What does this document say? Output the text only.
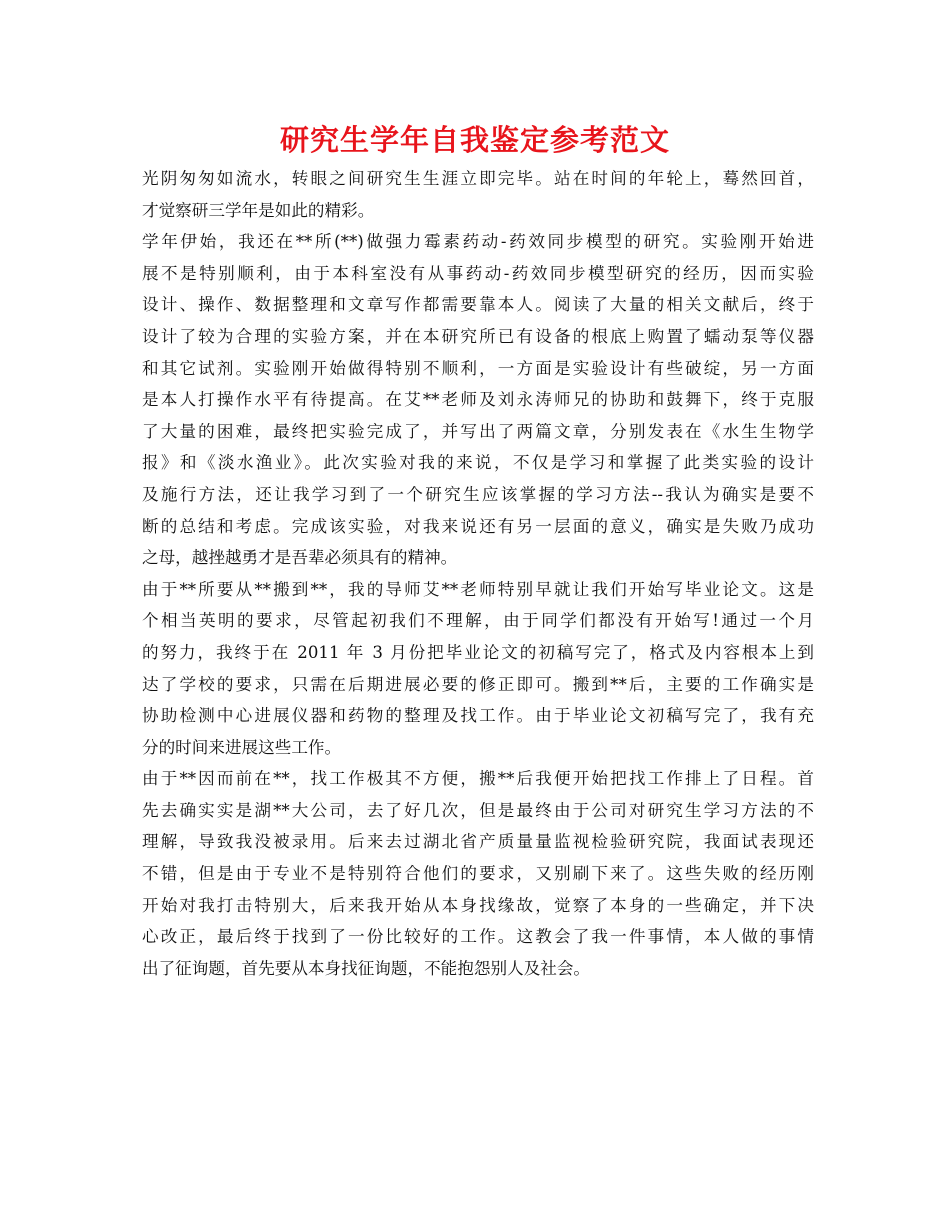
研究生学年自我鉴定参考范文
光阴匆匆如流水，转眼之间研究生生涯立即完毕。站在时间的年轮上，蓦然回首，
才觉察研三学年是如此的精彩。
学年伊始，我还在**所(**)做强力霉素药动-药效同步模型的研究。实验刚开始进
展不是特别顺利，由于本科室没有从事药动-药效同步模型研究的经历，因而实验
设计、操作、数据整理和文章写作都需要靠本人。阅读了大量的相关文献后，终于
设计了较为合理的实验方案，并在本研究所已有设备的根底上购置了蠕动泵等仪器
和其它试剂。实验刚开始做得特别不顺利，一方面是实验设计有些破绽，另一方面
是本人打操作水平有待提高。在艾**老师及刘永涛师兄的协助和鼓舞下，终于克服
了大量的困难，最终把实验完成了，并写出了两篇文章，分别发表在《水生生物学
报》和《淡水渔业》。此次实验对我的来说，不仅是学习和掌握了此类实验的设计
及施行方法，还让我学习到了一个研究生应该掌握的学习方法--我认为确实是要不
断的总结和考虑。完成该实验，对我来说还有另一层面的意义，确实是失败乃成功
之母，越挫越勇才是吾辈必须具有的精神。
由于**所要从**搬到**，我的导师艾**老师特别早就让我们开始写毕业论文。这是
个相当英明的要求，尽管起初我们不理解，由于同学们都没有开始写!通过一个月
的努力，我终于在 2011 年 3 月份把毕业论文的初稿写完了，格式及内容根本上到
达了学校的要求，只需在后期进展必要的修正即可。搬到**后，主要的工作确实是
协助检测中心进展仪器和药物的整理及找工作。由于毕业论文初稿写完了，我有充
分的时间来进展这些工作。
由于**因而前在**，找工作极其不方便，搬**后我便开始把找工作排上了日程。首
先去确实实是湖**大公司，去了好几次，但是最终由于公司对研究生学习方法的不
理解，导致我没被录用。后来去过湖北省产质量量监视检验研究院，我面试表现还
不错，但是由于专业不是特别符合他们的要求，又别刷下来了。这些失败的经历刚
开始对我打击特别大，后来我开始从本身找缘故，觉察了本身的一些确定，并下决
心改正，最后终于找到了一份比较好的工作。这教会了我一件事情，本人做的事情
出了征询题，首先要从本身找征询题，不能抱怨别人及社会。
